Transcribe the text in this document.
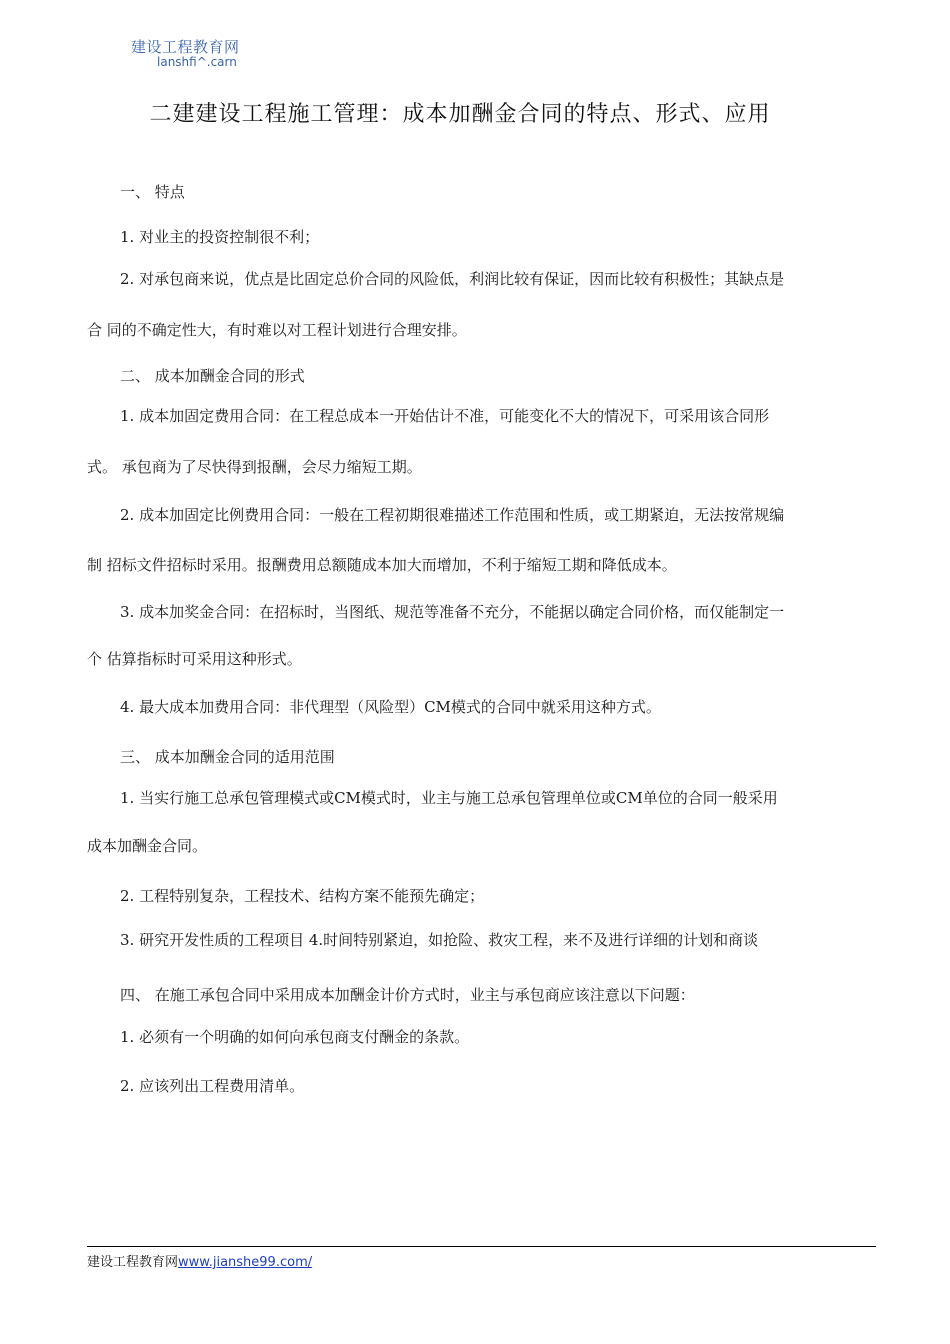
建设工程教育网
lanshfi^.carn
二建建设工程施工管理：成本加酬金合同的特点、形式、应用
一、 特点
1. 对业主的投资控制很不利；
2. 对承包商来说，优点是比固定总价合同的风险低，利润比较有保证，因而比较有积极性；其缺点是
合 同的不确定性大，有时难以对工程计划进行合理安排。
二、 成本加酬金合同的形式
1. 成本加固定费用合同：在工程总成本一开始估计不准，可能变化不大的情况下，可采用该合同形
式。 承包商为了尽快得到报酬，会尽力缩短工期。
2. 成本加固定比例费用合同：一般在工程初期很难描述工作范围和性质，或工期紧迫，无法按常规编
制 招标文件招标时采用。报酬费用总额随成本加大而增加，不利于缩短工期和降低成本。
3. 成本加奖金合同：在招标时，当图纸、规范等准备不充分，不能据以确定合同价格，而仅能制定一
个 估算指标时可采用这种形式。
4. 最大成本加费用合同：非代理型（风险型）CM模式的合同中就采用这种方式。
三、 成本加酬金合同的适用范围
1. 当实行施工总承包管理模式或CM模式时，业主与施工总承包管理单位或CM单位的合同一般采用
成本加酬金合同。
2. 工程特别复杂，工程技术、结构方案不能预先确定；
3. 研究开发性质的工程项目 4.时间特别紧迫，如抢险、救灾工程，来不及进行详细的计划和商谈
四、 在施工承包合同中采用成本加酬金计价方式时，业主与承包商应该注意以下问题：
1. 必须有一个明确的如何向承包商支付酬金的条款。
2. 应该列出工程费用清单。
建设工程教育网www.jianshe99.com/
